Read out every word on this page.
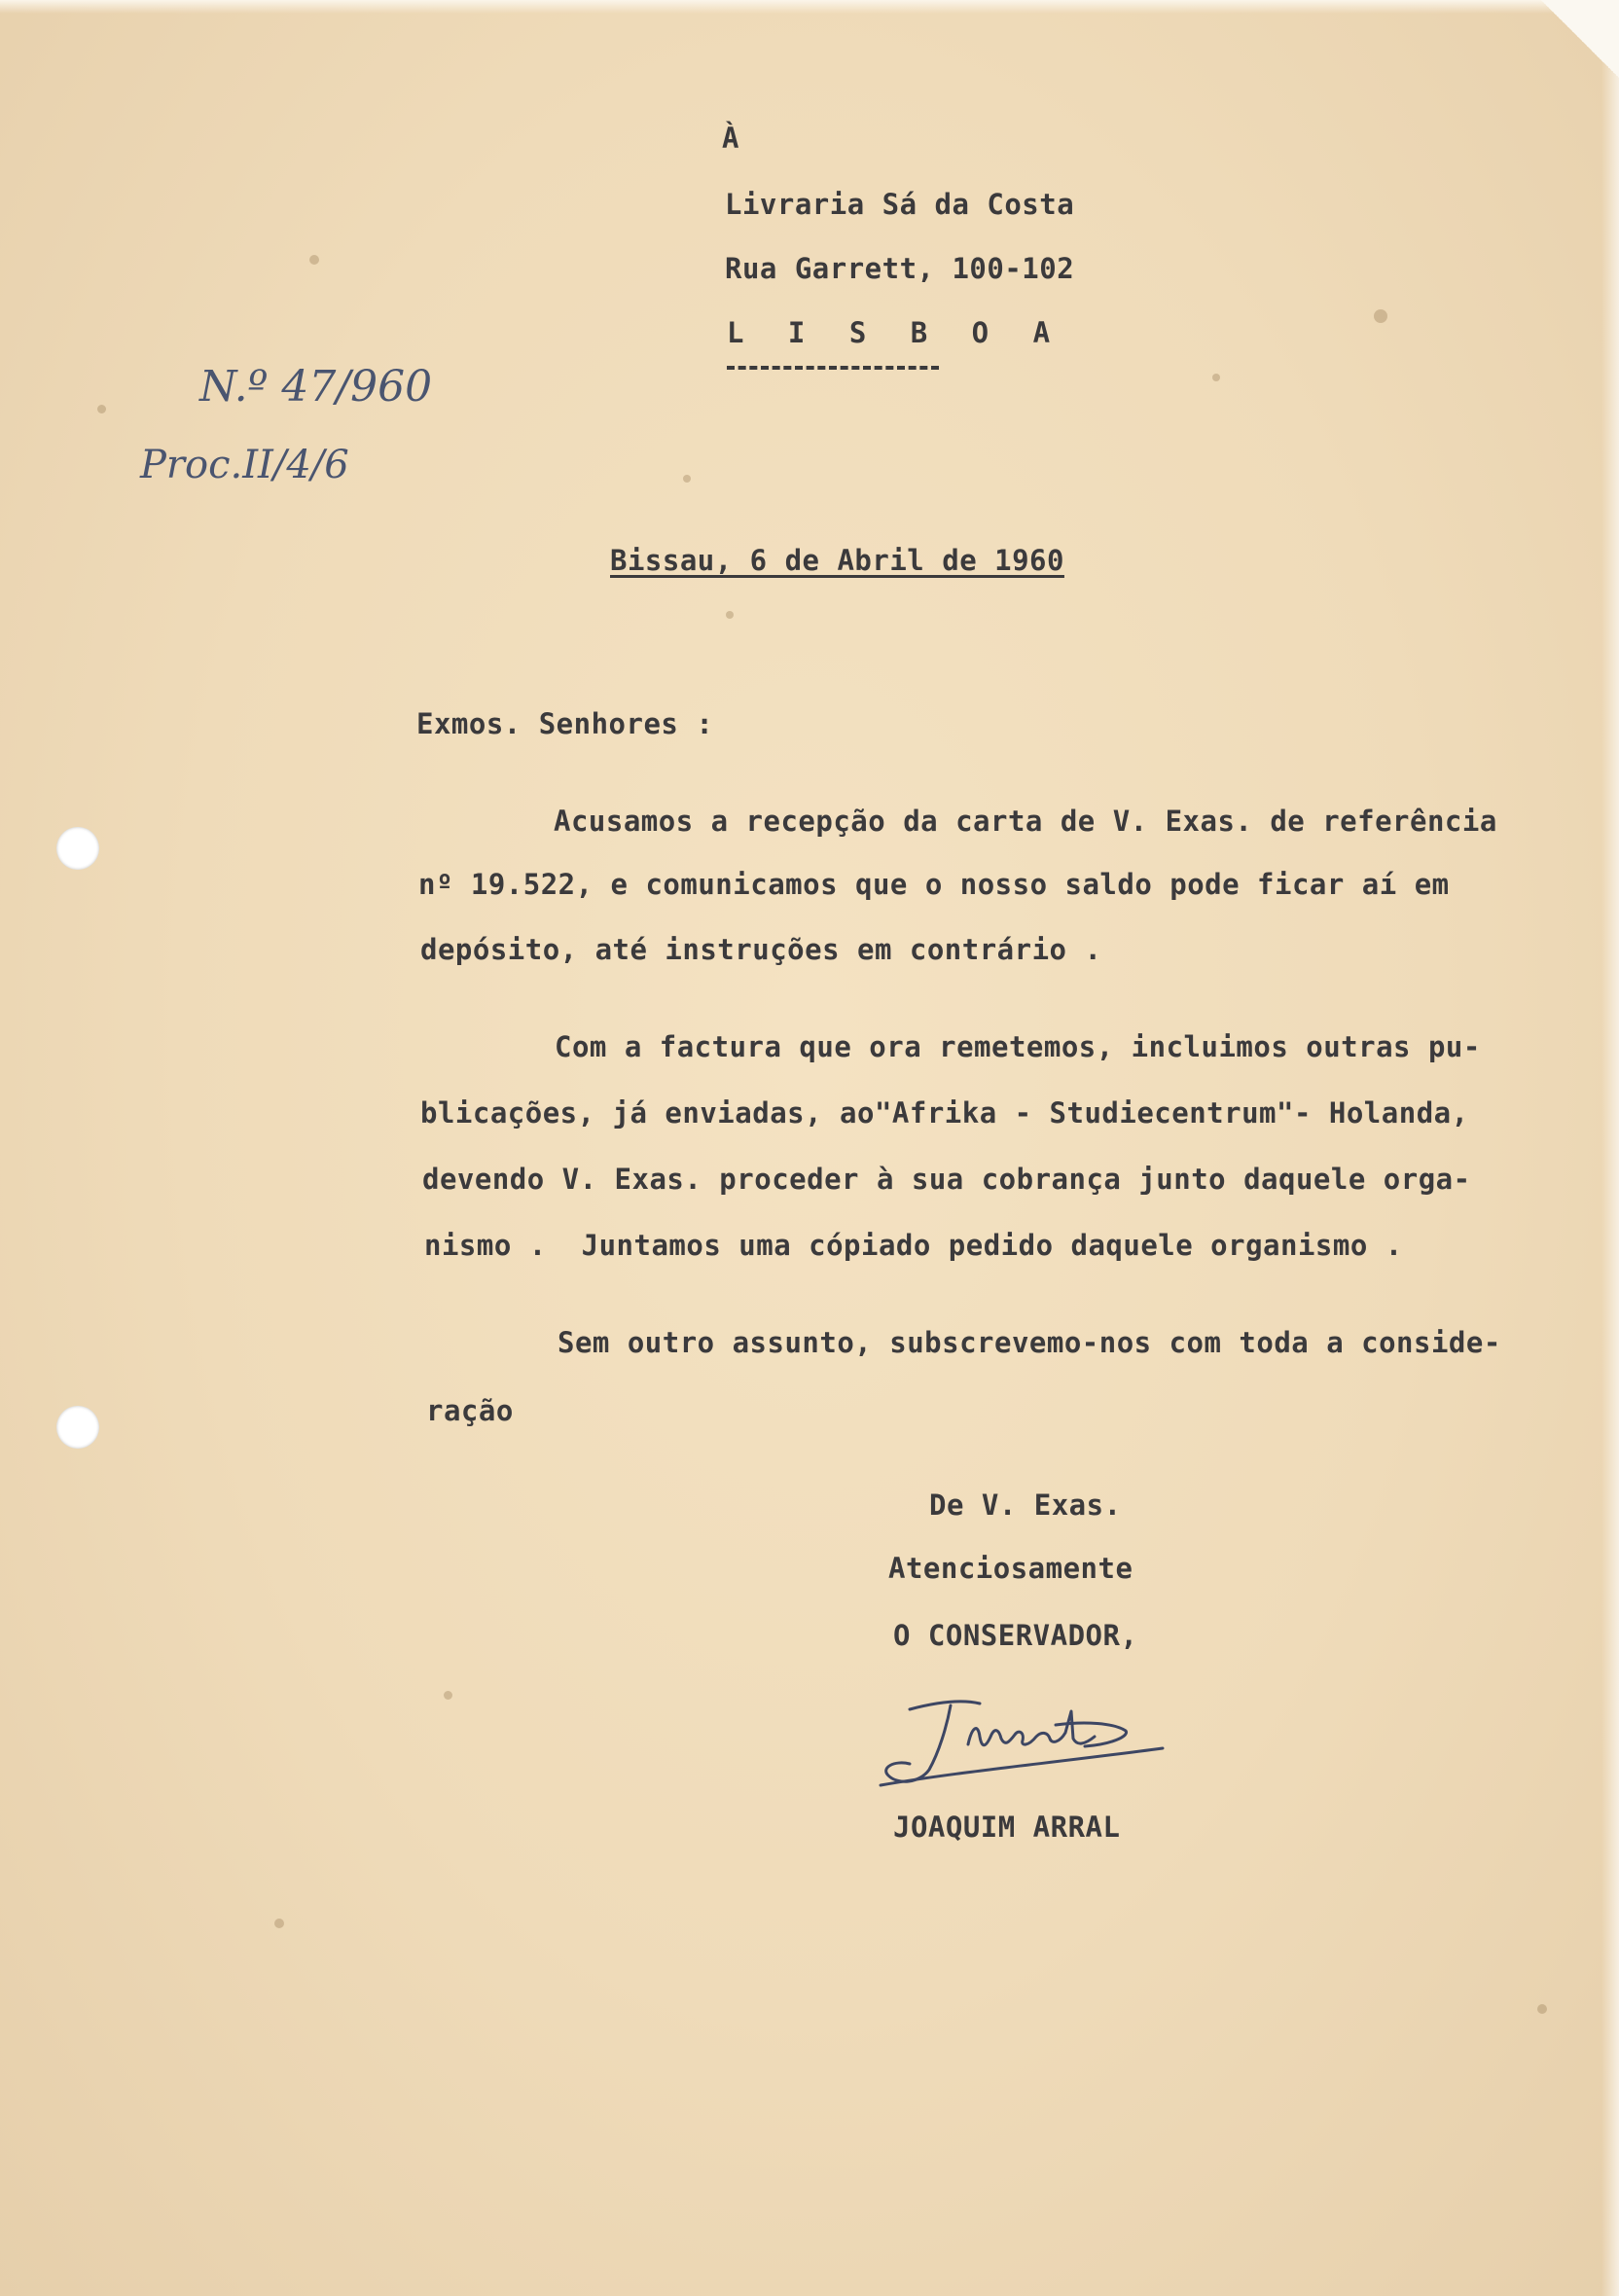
À

Livraria Sá da Costa

Rua Garrett, 100-102

L I S B O A

N.º 47/960

Proc.II/4/6

Bissau, 6 de Abril de 1960

Exmos. Senhores :

Acusamos a recepção da carta de V. Exas. de referência

nº 19.522, e comunicamos que o nosso saldo pode ficar aí em

depósito, até instruções em contrário .

Com a factura que ora remetemos, incluimos outras pu-

blicações, já enviadas, ao"Afrika - Studiecentrum"- Holanda,

devendo V. Exas. proceder à sua cobrança junto daquele orga-

nismo .  Juntamos uma cópiado pedido daquele organismo .

Sem outro assunto, subscrevemo-nos com toda a conside-

ração

De V. Exas.

Atenciosamente

O CONSERVADOR,

JOAQUIM ARRAL
